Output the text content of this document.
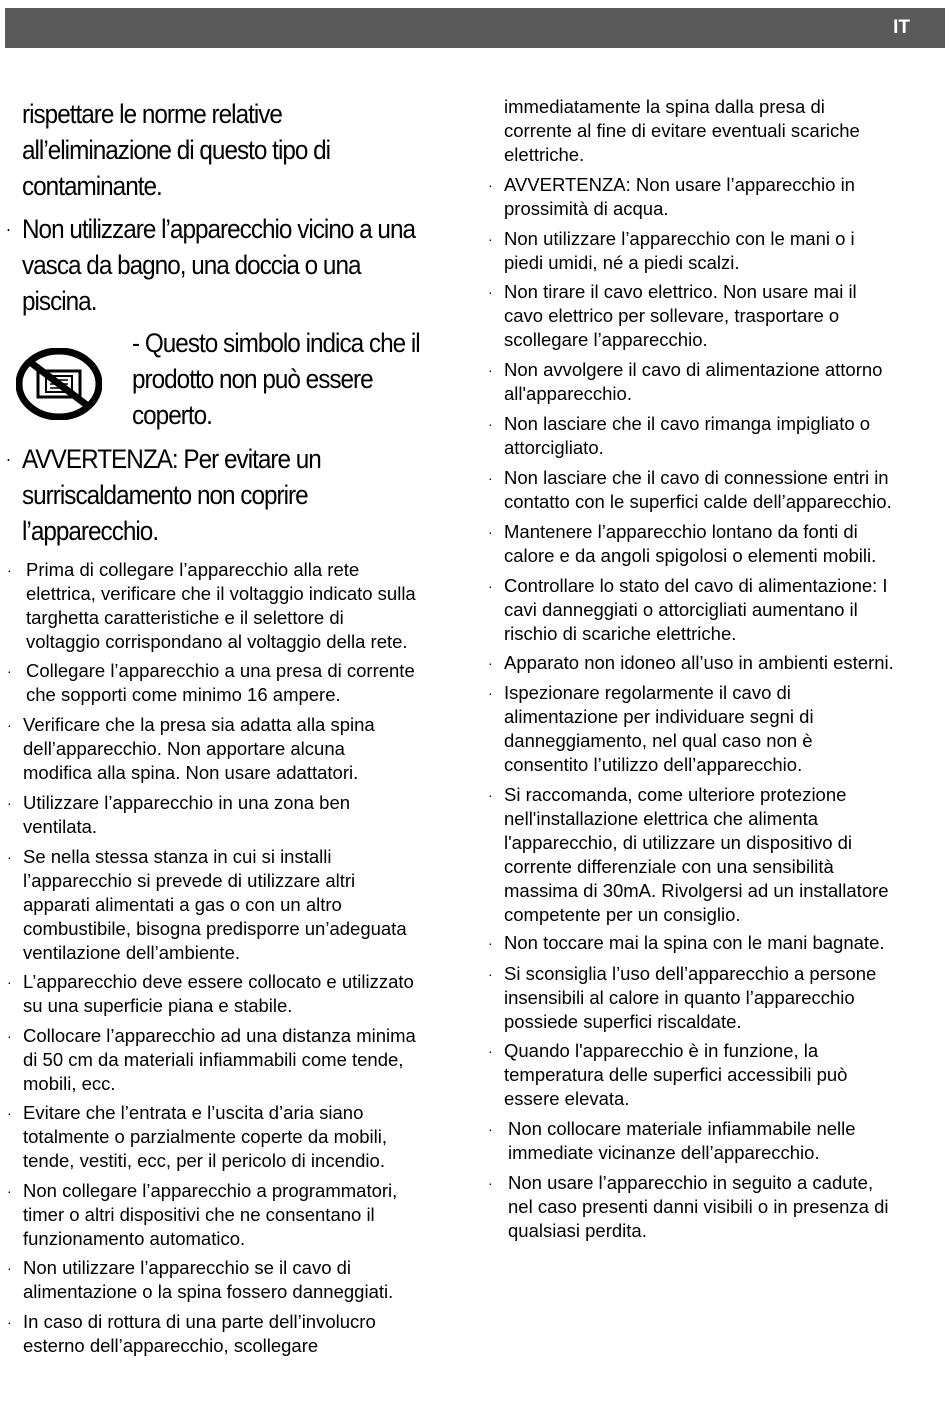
IT
rispettare le norme relative
all’eliminazione di questo tipo di
contaminante.
· Non utilizzare l’apparecchio vicino a una
vasca da bagno, una doccia o una
piscina.
- Questo simbolo indica che il
prodotto non può essere
coperto.
· AVVERTENZA: Per evitare un
surriscaldamento non coprire
l’apparecchio.
· Prima di collegare l’apparecchio alla rete
elettrica, verificare che il voltaggio indicato sulla
targhetta caratteristiche e il selettore di
voltaggio corrispondano al voltaggio della rete.
· Collegare l’apparecchio a una presa di corrente
che sopporti come minimo 16 ampere.
· Verificare che la presa sia adatta alla spina
dell’apparecchio. Non apportare alcuna
modifica alla spina. Non usare adattatori.
· Utilizzare l’apparecchio in una zona ben
ventilata.
· Se nella stessa stanza in cui si installi
l’apparecchio si prevede di utilizzare altri
apparati alimentati a gas o con un altro
combustibile, bisogna predisporre un’adeguata
ventilazione dell’ambiente.
· L’apparecchio deve essere collocato e utilizzato
su una superficie piana e stabile.
· Collocare l’apparecchio ad una distanza minima
di 50 cm da materiali infiammabili come tende,
mobili, ecc.
· Evitare che l’entrata e l’uscita d’aria siano
totalmente o parzialmente coperte da mobili,
tende, vestiti, ecc, per il pericolo di incendio.
· Non collegare l’apparecchio a programmatori,
timer o altri dispositivi che ne consentano il
funzionamento automatico.
· Non utilizzare l’apparecchio se il cavo di
alimentazione o la spina fossero danneggiati.
· In caso di rottura di una parte dell’involucro
esterno dell’apparecchio, scollegare
immediatamente la spina dalla presa di
corrente al fine di evitare eventuali scariche
elettriche.
· AVVERTENZA: Non usare l’apparecchio in
prossimità di acqua.
· Non utilizzare l’apparecchio con le mani o i
piedi umidi, né a piedi scalzi.
· Non tirare il cavo elettrico. Non usare mai il
cavo elettrico per sollevare, trasportare o
scollegare l’apparecchio.
· Non avvolgere il cavo di alimentazione attorno
all'apparecchio.
· Non lasciare che il cavo rimanga impigliato o
attorcigliato.
· Non lasciare che il cavo di connessione entri in
contatto con le superfici calde dell’apparecchio.
· Mantenere l’apparecchio lontano da fonti di
calore e da angoli spigolosi o elementi mobili.
· Controllare lo stato del cavo di alimentazione: I
cavi danneggiati o attorcigliati aumentano il
rischio di scariche elettriche.
· Apparato non idoneo all’uso in ambienti esterni.
· Ispezionare regolarmente il cavo di
alimentazione per individuare segni di
danneggiamento, nel qual caso non è
consentito l’utilizzo dell’apparecchio.
· Si raccomanda, come ulteriore protezione
nell'installazione elettrica che alimenta
l'apparecchio, di utilizzare un dispositivo di
corrente differenziale con una sensibilità
massima di 30mA. Rivolgersi ad un installatore
competente per un consiglio.
· Non toccare mai la spina con le mani bagnate.
· Si sconsiglia l’uso dell’apparecchio a persone
insensibili al calore in quanto l’apparecchio
possiede superfici riscaldate.
· Quando l'apparecchio è in funzione, la
temperatura delle superfici accessibili può
essere elevata.
· Non collocare materiale infiammabile nelle
immediate vicinanze dell’apparecchio.
· Non usare l’apparecchio in seguito a cadute,
nel caso presenti danni visibili o in presenza di
qualsiasi perdita.
